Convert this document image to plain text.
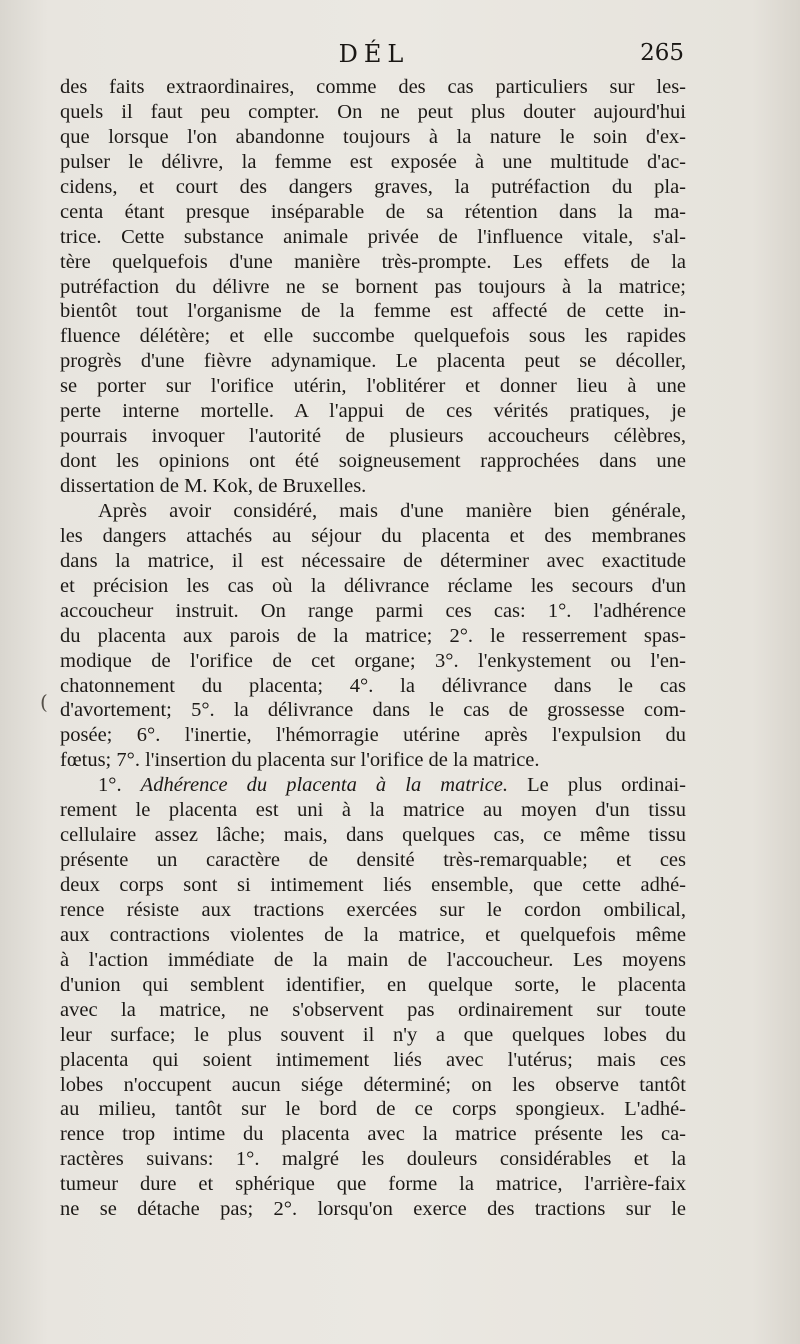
DÉL	265
(
des faits extraordinaires, comme des cas particuliers sur les-
quels il faut peu compter. On ne peut plus douter aujourd'hui
que lorsque l'on abandonne toujours à la nature le soin d'ex-
pulser le délivre, la femme est exposée à une multitude d'ac-
cidens, et court des dangers graves, la putréfaction du pla-
centa étant presque inséparable de sa rétention dans la ma-
trice. Cette substance animale privée de l'influence vitale, s'al-
tère quelquefois d'une manière très-prompte. Les effets de la
putréfaction du délivre ne se bornent pas toujours à la matrice;
bientôt tout l'organisme de la femme est affecté de cette in-
fluence délétère; et elle succombe quelquefois sous les rapides
progrès d'une fièvre adynamique. Le placenta peut se décoller,
se porter sur l'orifice utérin, l'oblitérer et donner lieu à une
perte interne mortelle. A l'appui de ces vérités pratiques, je
pourrais invoquer l'autorité de plusieurs accoucheurs célèbres,
dont les opinions ont été soigneusement rapprochées dans une
dissertation de M. Kok, de Bruxelles.
Après avoir considéré, mais d'une manière bien générale,
les dangers attachés au séjour du placenta et des membranes
dans la matrice, il est nécessaire de déterminer avec exactitude
et précision les cas où la délivrance réclame les secours d'un
accoucheur instruit. On range parmi ces cas: 1°. l'adhérence
du placenta aux parois de la matrice; 2°. le resserrement spas-
modique de l'orifice de cet organe; 3°. l'enkystement ou l'en-
chatonnement du placenta; 4°. la délivrance dans le cas
d'avortement; 5°. la délivrance dans le cas de grossesse com-
posée; 6°. l'inertie, l'hémorragie utérine après l'expulsion du
fœtus; 7°. l'insertion du placenta sur l'orifice de la matrice.
1°. Adhérence du placenta à la matrice. Le plus ordinai-
rement le placenta est uni à la matrice au moyen d'un tissu
cellulaire assez lâche; mais, dans quelques cas, ce même tissu
présente un caractère de densité très-remarquable; et ces
deux corps sont si intimement liés ensemble, que cette adhé-
rence résiste aux tractions exercées sur le cordon ombilical,
aux contractions violentes de la matrice, et quelquefois même
à l'action immédiate de la main de l'accoucheur. Les moyens
d'union qui semblent identifier, en quelque sorte, le placenta
avec la matrice, ne s'observent pas ordinairement sur toute
leur surface; le plus souvent il n'y a que quelques lobes du
placenta qui soient intimement liés avec l'utérus; mais ces
lobes n'occupent aucun siége déterminé; on les observe tantôt
au milieu, tantôt sur le bord de ce corps spongieux. L'adhé-
rence trop intime du placenta avec la matrice présente les ca-
ractères suivans: 1°. malgré les douleurs considérables et la
tumeur dure et sphérique que forme la matrice, l'arrière-faix
ne se détache pas; 2°. lorsqu'on exerce des tractions sur le
